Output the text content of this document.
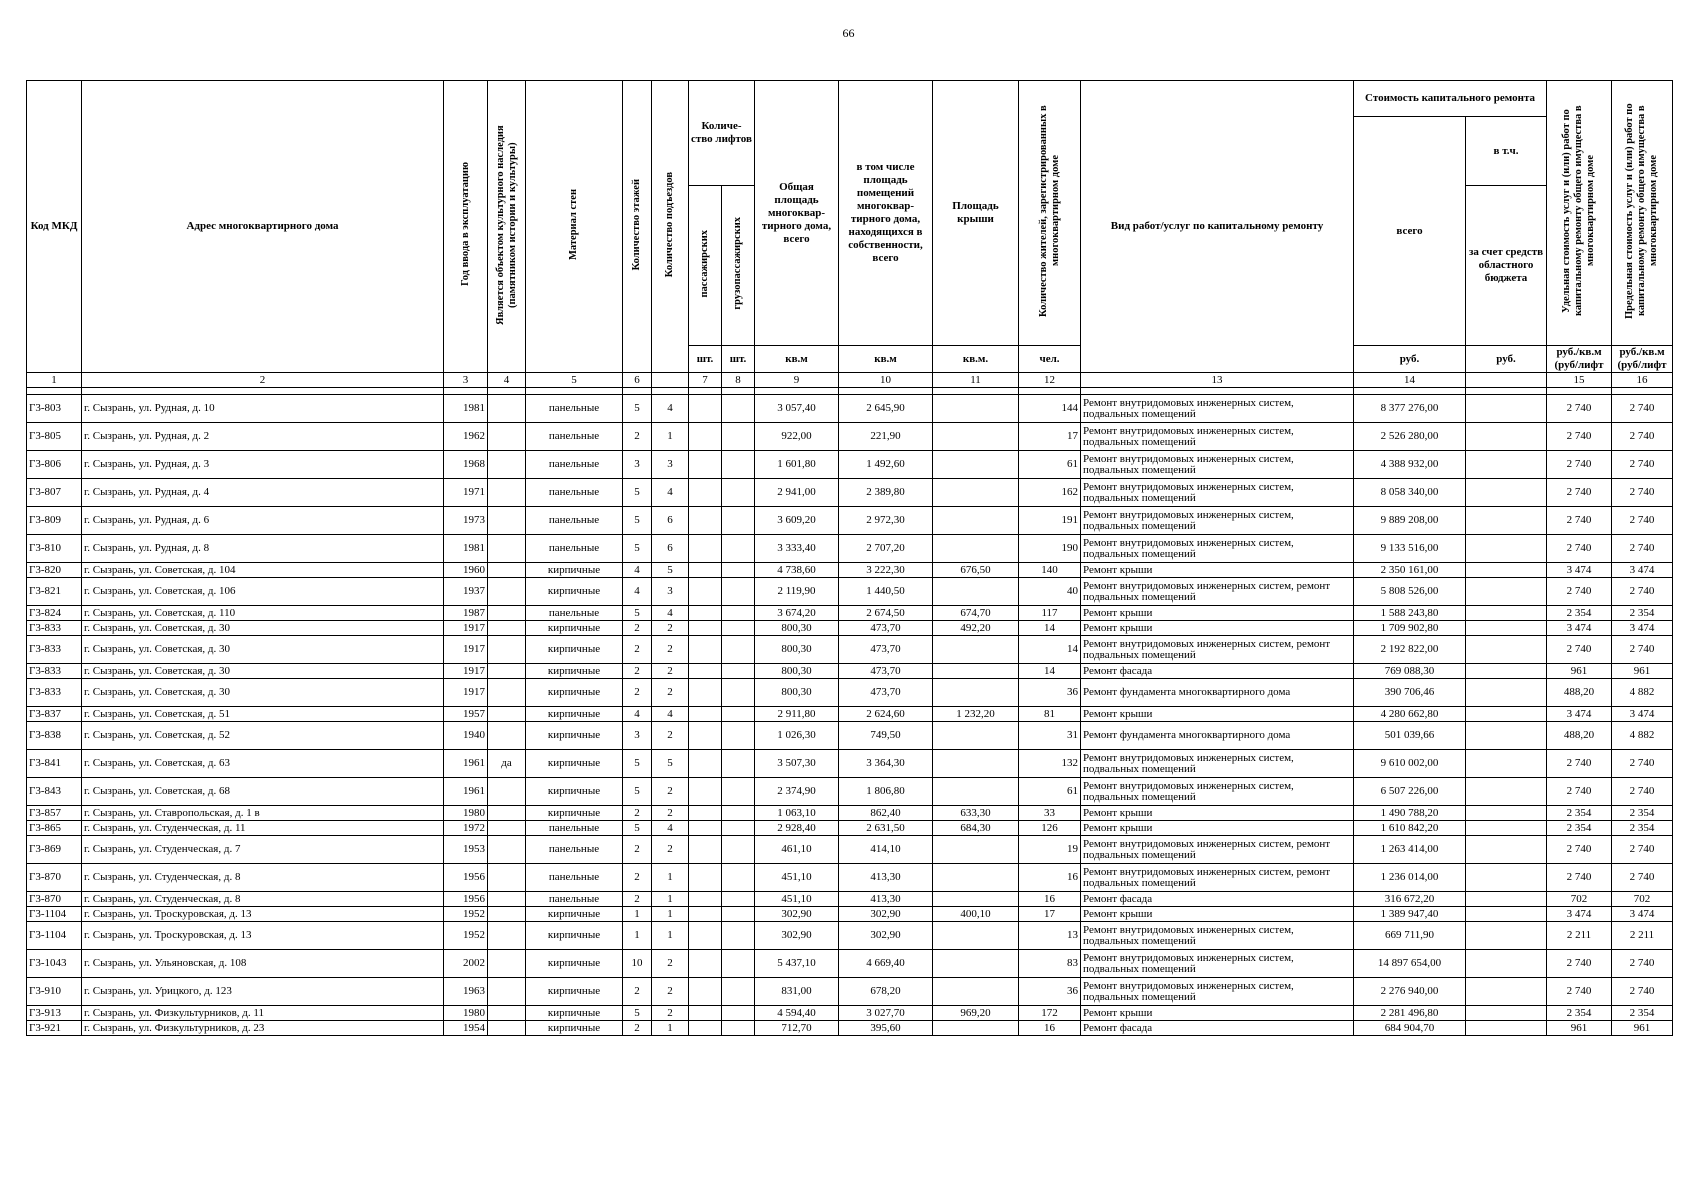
66
Код МКД	Адрес многоквартирного дома	Год ввода в эксплуатацию	Является объектом культурного наследия (памятником истории и культуры)	Материал стен	Количество этажей	Количество подъездов	Количе- ство лифтов		Общая площадь многоквар- тирного дома, всего	в том числе площадь помещений многоквар- тирного дома, находящихся в собственности, всего	Площадь крыши	Количество жителей, зарегистрированных в многоквартирном доме	Вид работ/услуг по капитальному ремонту	Стоимость капитального ремонта		Удельная стоимость услуг и (или) работ по капитальному ремонту общего имущества в многоквартирном доме	Предельная стоимость услуг и (или) работ по капитальному ремонту общего имущества в многоквартирном доме
														всего	в т.ч.		
							пассажирских	грузопассажирских							за счет средств областного бюджета		
							шт.	шт.	кв.м	кв.м	кв.м.	чел.		руб.	руб.	руб./кв.м (руб/лифт	руб./кв.м (руб/лифт
1	2	3	4	5	6		7	8	9	10	11	12	13	14		15	16

Г3-803	г. Сызрань, ул. Рудная, д. 10	1981		панельные	5	4			3 057,40	2 645,90		144	Ремонт внутридомовых инженерных систем, подвальных помещений	8 377 276,00		2 740	2 740
Г3-805	г. Сызрань, ул. Рудная, д. 2	1962		панельные	2	1			922,00	221,90		17	Ремонт внутридомовых инженерных систем, подвальных помещений	2 526 280,00		2 740	2 740
Г3-806	г. Сызрань, ул. Рудная, д. 3	1968		панельные	3	3			1 601,80	1 492,60		61	Ремонт внутридомовых инженерных систем, подвальных помещений	4 388 932,00		2 740	2 740
Г3-807	г. Сызрань, ул. Рудная, д. 4	1971		панельные	5	4			2 941,00	2 389,80		162	Ремонт внутридомовых инженерных систем, подвальных помещений	8 058 340,00		2 740	2 740
Г3-809	г. Сызрань, ул. Рудная, д. 6	1973		панельные	5	6			3 609,20	2 972,30		191	Ремонт внутридомовых инженерных систем, подвальных помещений	9 889 208,00		2 740	2 740
Г3-810	г. Сызрань, ул. Рудная, д. 8	1981		панельные	5	6			3 333,40	2 707,20		190	Ремонт внутридомовых инженерных систем, подвальных помещений	9 133 516,00		2 740	2 740
Г3-820	г. Сызрань, ул. Советская, д. 104	1960		кирпичные	4	5			4 738,60	3 222,30	676,50	140	Ремонт крыши	2 350 161,00		3 474	3 474
Г3-821	г. Сызрань, ул. Советская, д. 106	1937		кирпичные	4	3			2 119,90	1 440,50		40	Ремонт внутридомовых инженерных систем, ремонт подвальных помещений	5 808 526,00		2 740	2 740
Г3-824	г. Сызрань, ул. Советская, д. 110	1987		панельные	5	4			3 674,20	2 674,50	674,70	117	Ремонт крыши	1 588 243,80		2 354	2 354
Г3-833	г. Сызрань, ул. Советская, д. 30	1917		кирпичные	2	2			800,30	473,70	492,20	14	Ремонт крыши	1 709 902,80		3 474	3 474
Г3-833	г. Сызрань, ул. Советская, д. 30	1917		кирпичные	2	2			800,30	473,70		14	Ремонт внутридомовых инженерных систем, ремонт подвальных помещений	2 192 822,00		2 740	2 740
Г3-833	г. Сызрань, ул. Советская, д. 30	1917		кирпичные	2	2			800,30	473,70		14	Ремонт фасада	769 088,30		961	961
Г3-833	г. Сызрань, ул. Советская, д. 30	1917		кирпичные	2	2			800,30	473,70		36	Ремонт фундамента многоквартирного дома	390 706,46		488,20	4 882
Г3-837	г. Сызрань, ул. Советская, д. 51	1957		кирпичные	4	4			2 911,80	2 624,60	1 232,20	81	Ремонт крыши	4 280 662,80		3 474	3 474
Г3-838	г. Сызрань, ул. Советская, д. 52	1940		кирпичные	3	2			1 026,30	749,50		31	Ремонт фундамента многоквартирного дома	501 039,66		488,20	4 882
Г3-841	г. Сызрань, ул. Советская, д. 63	1961	да	кирпичные	5	5			3 507,30	3 364,30		132	Ремонт внутридомовых инженерных систем, подвальных помещений	9 610 002,00		2 740	2 740
Г3-843	г. Сызрань, ул. Советская, д. 68	1961		кирпичные	5	2			2 374,90	1 806,80		61	Ремонт внутридомовых инженерных систем, подвальных помещений	6 507 226,00		2 740	2 740
Г3-857	г. Сызрань, ул. Ставропольская, д. 1 в	1980		кирпичные	2	2			1 063,10	862,40	633,30	33	Ремонт крыши	1 490 788,20		2 354	2 354
Г3-865	г. Сызрань, ул. Студенческая, д. 11	1972		панельные	5	4			2 928,40	2 631,50	684,30	126	Ремонт крыши	1 610 842,20		2 354	2 354
Г3-869	г. Сызрань, ул. Студенческая, д. 7	1953		панельные	2	2			461,10	414,10		19	Ремонт внутридомовых инженерных систем, ремонт подвальных помещений	1 263 414,00		2 740	2 740
Г3-870	г. Сызрань, ул. Студенческая, д. 8	1956		панельные	2	1			451,10	413,30		16	Ремонт внутридомовых инженерных систем, ремонт подвальных помещений	1 236 014,00		2 740	2 740
Г3-870	г. Сызрань, ул. Студенческая, д. 8	1956		панельные	2	1			451,10	413,30		16	Ремонт фасада	316 672,20		702	702
Г3-1104	г. Сызрань, ул. Троскуровская, д. 13	1952		кирпичные	1	1			302,90	302,90	400,10	17	Ремонт крыши	1 389 947,40		3 474	3 474
Г3-1104	г. Сызрань, ул. Троскуровская, д. 13	1952		кирпичные	1	1			302,90	302,90		13	Ремонт внутридомовых инженерных систем, подвальных помещений	669 711,90		2 211	2 211
Г3-1043	г. Сызрань, ул. Ульяновская, д. 108	2002		кирпичные	10	2			5 437,10	4 669,40		83	Ремонт внутридомовых инженерных систем, подвальных помещений	14 897 654,00		2 740	2 740
Г3-910	г. Сызрань, ул. Урицкого, д. 123	1963		кирпичные	2	2			831,00	678,20		36	Ремонт внутридомовых инженерных систем, подвальных помещений	2 276 940,00		2 740	2 740
Г3-913	г. Сызрань, ул. Физкультурников, д. 11	1980		кирпичные	5	2			4 594,40	3 027,70	969,20	172	Ремонт крыши	2 281 496,80		2 354	2 354
Г3-921	г. Сызрань, ул. Физкультурников, д. 23	1954		кирпичные	2	1			712,70	395,60		16	Ремонт фасада	684 904,70		961	961
